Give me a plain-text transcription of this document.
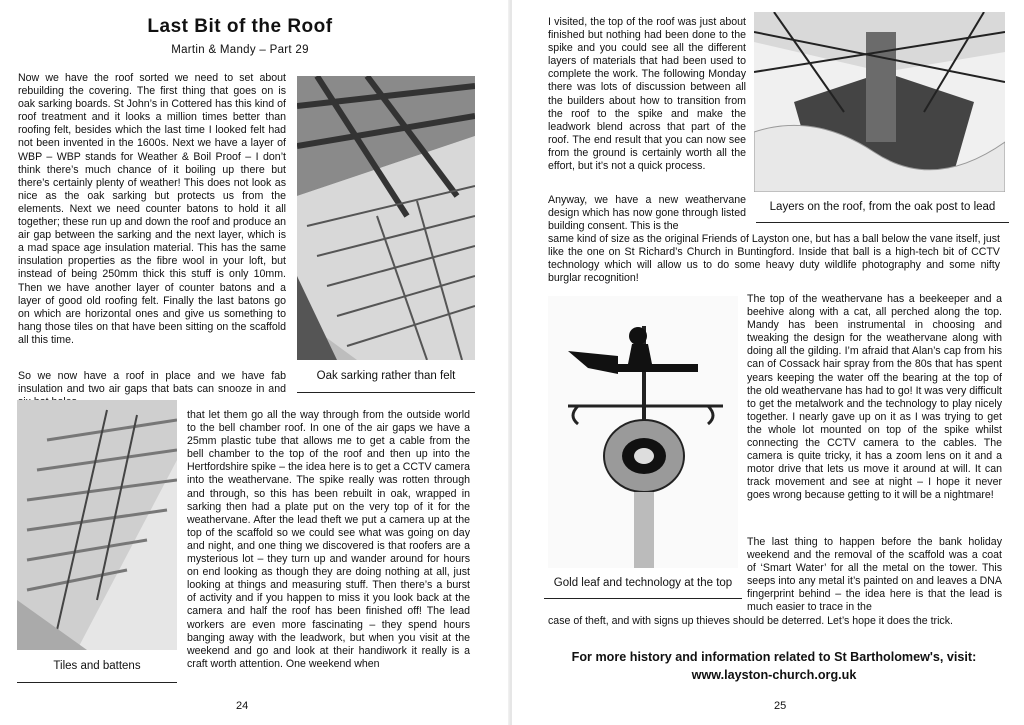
Last Bit of the Roof
Martin & Mandy – Part 29

Now we have the roof sorted we need to set about rebuilding the covering. The first thing that goes on is oak sarking boards. St John’s in Cottered has this kind of roof treatment and it looks a million times better than roofing felt, besides which the last time I looked felt had not been invented in the 1600s. Next we have a layer of WBP – WBP stands for Weather & Boil Proof – I don’t think there’s much chance of it boiling up there but there’s certainly plenty of weather! This does not look as nice as the oak sarking but protects us from the elements. Next we need counter batons to hold it all together; these run up and down the roof and produce an air gap between the sarking and the next layer, which is a mad space age insulation material. This has the same insulation properties as the fibre wool in your loft, but instead of being 250mm thick this stuff is only 10mm. Then we have another layer of counter batons and a layer of good old roofing felt. Finally the last batons go on which are horizontal ones and give us something to hang those tiles on that have been sitting on the scaffold all this time.

Oak sarking rather than felt

So we now have a roof in place and we have fab insulation and two air gaps that bats can snooze in and

Tiles and battens

that let them go all the way through from the outside world to the bell chamber roof. In one of the air gaps we have a 25mm plastic tube that allows me to get a cable from the bell chamber to the top of the roof and then up into the Hertfordshire spike – the idea here is to get a CCTV camera into the weathervane. The spike really was rotten through and through, so this has been rebuilt in oak, wrapped in sarking then had a plate put on the very top of it for the weathervane. After the lead theft we put a camera up at the top of the scaffold so we could see what was going on day and night, and one thing we discovered is that roofers are a mysterious lot – they turn up and wander around for hours on end looking as though they are doing nothing at all, just looking at things and measuring stuff. Then there’s a burst of activity and if you happen to miss it you look back at the camera and half the roof has been finished off! The lead workers are even more fascinating – they spend hours banging away with the leadwork, but when you visit at the weekend and go and look at their handiwork it really is a craft worth attention. One weekend when

24

I visited, the top of the roof was just about finished but nothing had been done to the spike and you could see all the different layers of materials that had been used to complete the work. The following Monday there was lots of discussion between all the builders about how to transition from the roof to the spike and make the leadwork blend across that part of the roof. The end result that you can now see from the ground is certainly worth all the effort, but it’s not a quick process.

Layers on the roof, from the oak post to lead

Anyway, we have a new weathervane design which has now gone through listed building consent. This is the

same kind of size as the original Friends of Layston one, but has a ball below the vane itself, just like the one on St Richard’s Church in Buntingford. Inside that ball is a high-tech bit of CCTV technology which will allow us to do some heavy duty wildlife photography and some nifty burglar recognition!

Gold leaf and technology at the top

The top of the weathervane has a beekeeper and a beehive along with a cat, all perched along the top. Mandy has been instrumental in choosing and tweaking the design for the weathervane along with doing all the gilding. I’m afraid that Alan’s cap from his can of Cossack hair spray from the 80s that has spent years keeping the water off the bearing at the top of the old weathervane has had to go! It was very difficult to get the metalwork and the technology to play nicely together. I nearly gave up on it as I was trying to get the whole lot mounted on top of the spike whilst connecting the CCTV camera to the cables. The camera is quite tricky, it has a zoom lens on it and a motor drive that lets us move it around at will. It can track movement and see at night – I hope it never goes wrong because getting to it will be a nightmare!

The last thing to happen before the bank holiday weekend and the removal of the scaffold was a coat of ‘Smart Water’ for all the metal on the tower. This seeps into any metal it’s painted on and leaves a DNA fingerprint behind – the idea here is that the lead is much easier to trace in the

case of theft, and with signs up thieves should be deterred. Let’s hope it does the trick.

For more history and information related to St Bartholomew's, visit:
www.layston-church.org.uk
25
